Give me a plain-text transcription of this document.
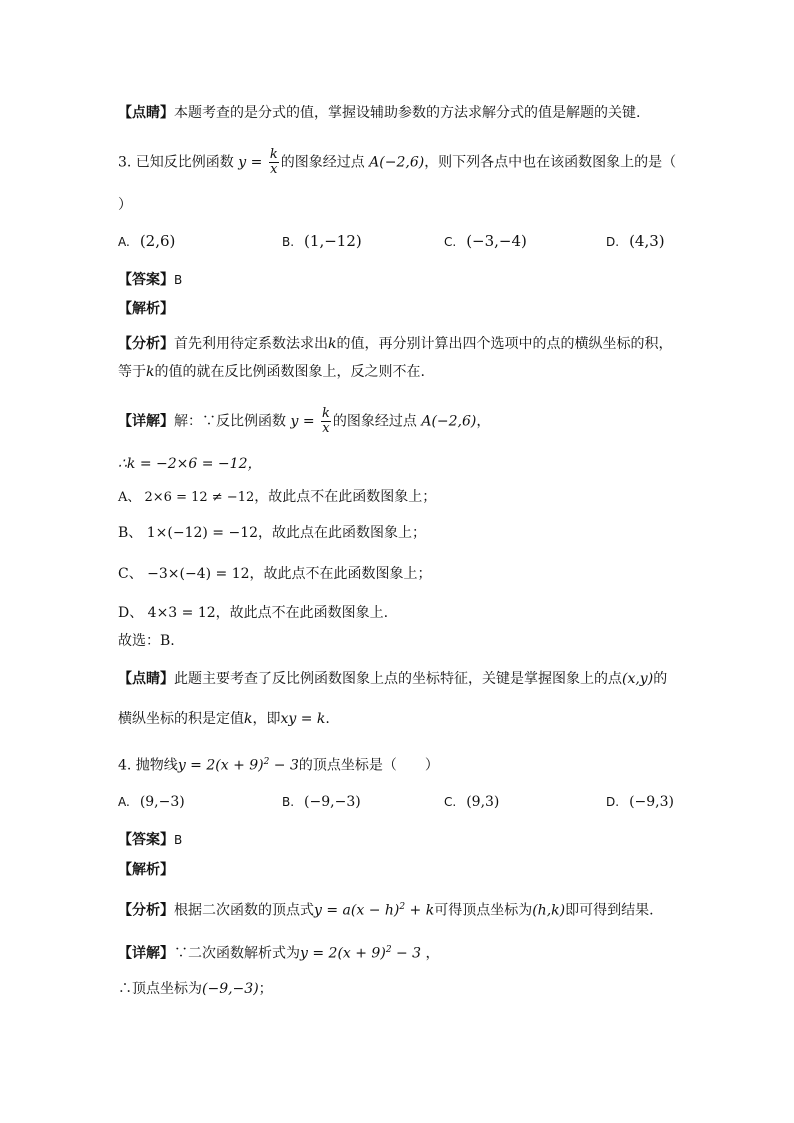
【点睛】本题考查的是分式的值，掌握设辅助参数的方法求解分式的值是解题的关键.
3. 已知反比例函数 $y = \frac{k}{x}$ 的图象经过点 A(−2,6)，则下列各点中也在该函数图象上的是（
）
A. (2,6)	B. (1,−12)	C. (−3,−4)	D. (4,3)
【答案】B
【解析】
【分析】首先利用待定系数法求出k的值，再分别计算出四个选项中的点的横纵坐标的积，
等于k的值的就在反比例函数图象上，反之则不在.
【详解】解：∵反比例函数 $y = \frac{k}{x}$ 的图象经过点 A(−2,6)，
∴k = −2×6 = −12，
A、 2×6 = 12 ≠ −12，故此点不在此函数图象上；
B、 1×(−12) = −12，故此点在此函数图象上；
C、 −3×(−4) = 12，故此点不在此函数图象上；
D、 4×3 = 12，故此点不在此函数图象上.
故选：B.
【点睛】此题主要考查了反比例函数图象上点的坐标特征，关键是掌握图象上的点(x,y)的
横纵坐标的积是定值k，即xy = k.
4. 抛物线$y = 2(x + 9)^2 - 3$的顶点坐标是（　　）
A. (9,−3)	B. (−9,−3)	C. (9,3)	D. (−9,3)
【答案】B
【解析】
【分析】根据二次函数的顶点式$y = a(x - h)^2 + k$可得顶点坐标为(h,k)即可得到结果.
【详解】∵二次函数解析式为$y = 2(x + 9)^2 - 3$ ，
∴顶点坐标为(−9,−3)；
